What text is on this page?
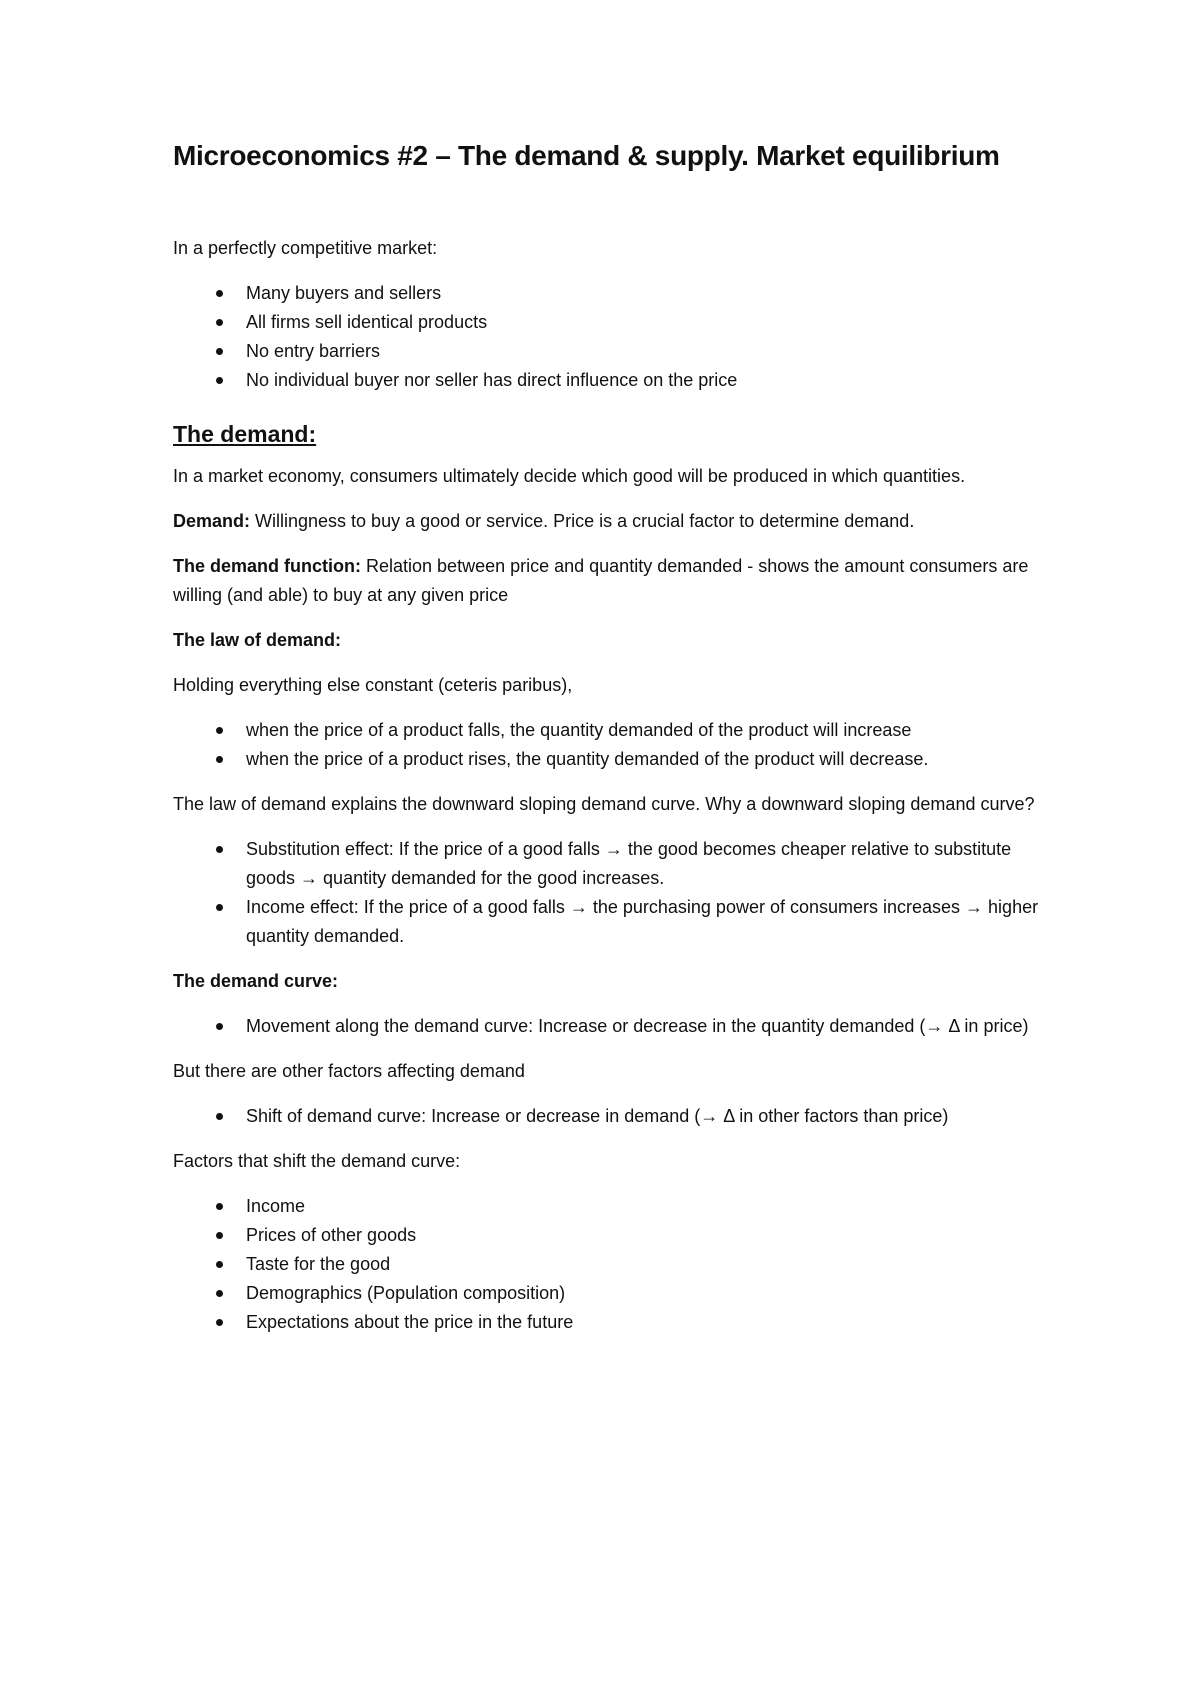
Microeconomics #2 – The demand & supply. Market equilibrium

In a perfectly competitive market:

Many buyers and sellers
All firms sell identical products
No entry barriers
No individual buyer nor seller has direct influence on the price
The demand:

In a market economy, consumers ultimately decide which good will be produced in which quantities.

Demand: Willingness to buy a good or service. Price is a crucial factor to determine demand.

The demand function: Relation between price and quantity demanded - shows the amount consumers are willing (and able) to buy at any given price

The law of demand:

Holding everything else constant (ceteris paribus),

when the price of a product falls, the quantity demanded of the product will increase
when the price of a product rises, the quantity demanded of the product will decrease.

The law of demand explains the downward sloping demand curve. Why a downward sloping demand curve?

Substitution effect: If the price of a good falls → the good becomes cheaper relative to substitute goods → quantity demanded for the good increases.
Income effect: If the price of a good falls → the purchasing power of consumers increases → higher quantity demanded.

The demand curve:

Movement along the demand curve: Increase or decrease in the quantity demanded (→ Δ in price)

But there are other factors affecting demand

Shift of demand curve: Increase or decrease in demand (→ Δ in other factors than price)

Factors that shift the demand curve:

Income
Prices of other goods
Taste for the good
Demographics (Population composition)
Expectations about the price in the future
